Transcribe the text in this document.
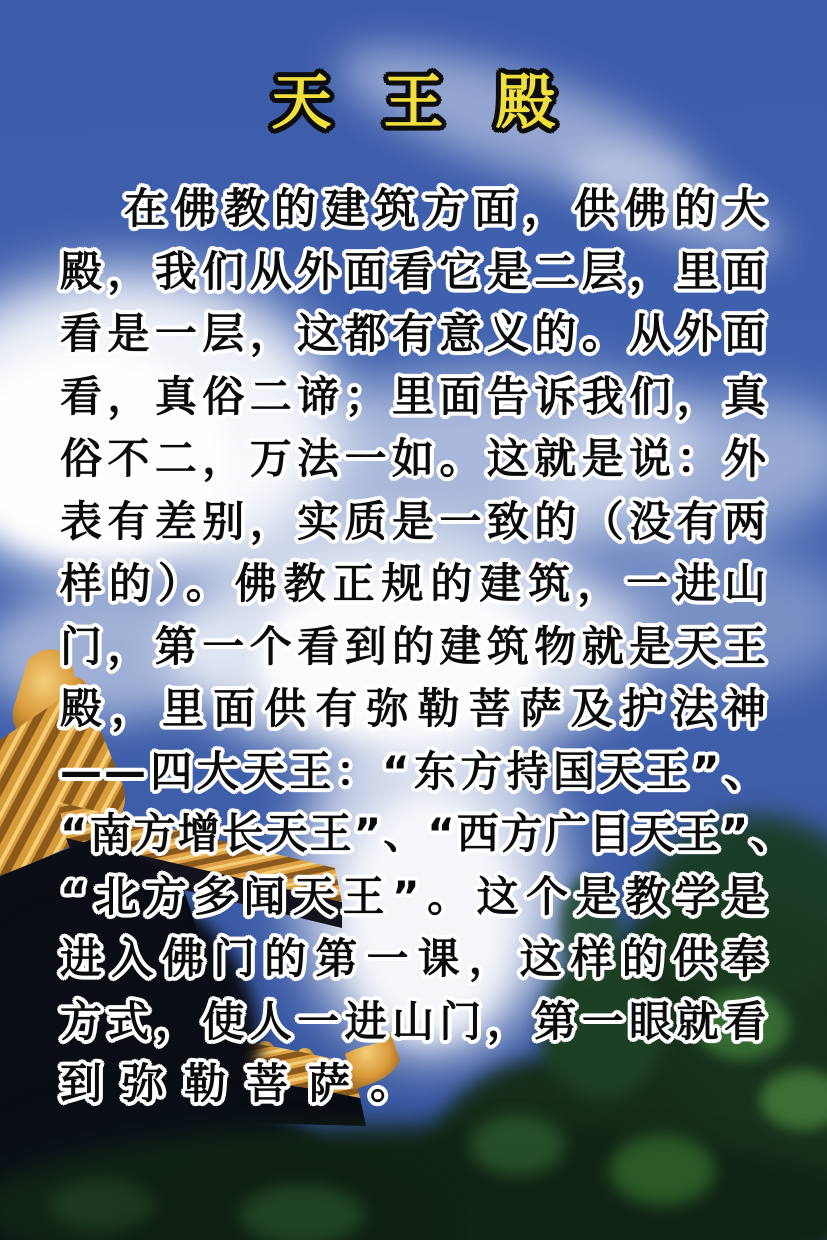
天 王 殿
在佛教的建筑方面，供佛的大
殿，我们从外面看它是二层，里面
看是一层，这都有意义的。从外面
看，真俗二谛；里面告诉我们，真
俗不二，万法一如。这就是说：外
表有差别，实质是一致的（没有两
样的）。佛教正规的建筑，一进山
门，第一个看到的建筑物就是天王
殿，里面供有弥勒菩萨及护法神
——四大天王：“东方持国天王”、
“南方增长天王”、“西方广目天王”、
“北方多闻天王”。这个是教学是
进入佛门的第一课，这样的供奉
方式，使人一进山门，第一眼就看
到弥勒菩萨。
